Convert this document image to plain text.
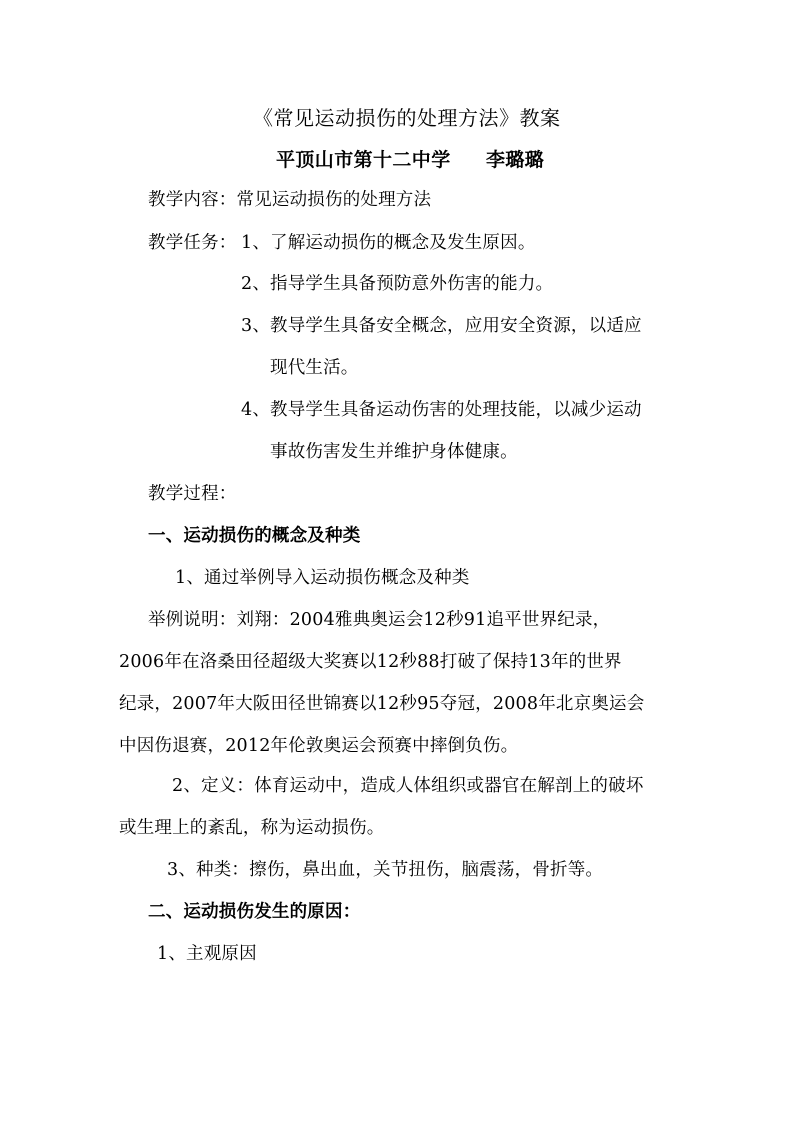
《常见运动损伤的处理方法》教案
平顶山市第十二中学 李璐璐
教学内容：常见运动损伤的处理方法
教学任务： 1、了解运动损伤的概念及发生原因。
2、指导学生具备预防意外伤害的能力。
3、教导学生具备安全概念，应用安全资源，以适应
现代生活。
4、教导学生具备运动伤害的处理技能，以减少运动
事故伤害发生并维护身体健康。
教学过程：
一、运动损伤的概念及种类
1、通过举例导入运动损伤概念及种类
举例说明：刘翔：2004雅典奥运会12秒91追平世界纪录，
2006年在洛桑田径超级大奖赛以12秒88打破了保持13年的世界
纪录，2007年大阪田径世锦赛以12秒95夺冠，2008年北京奥运会
中因伤退赛，2012年伦敦奥运会预赛中摔倒负伤。
2、定义：体育运动中，造成人体组织或器官在解剖上的破坏
或生理上的紊乱，称为运动损伤。
3、种类：擦伤，鼻出血，关节扭伤，脑震荡，骨折等。
二、运动损伤发生的原因：
1、主观原因
